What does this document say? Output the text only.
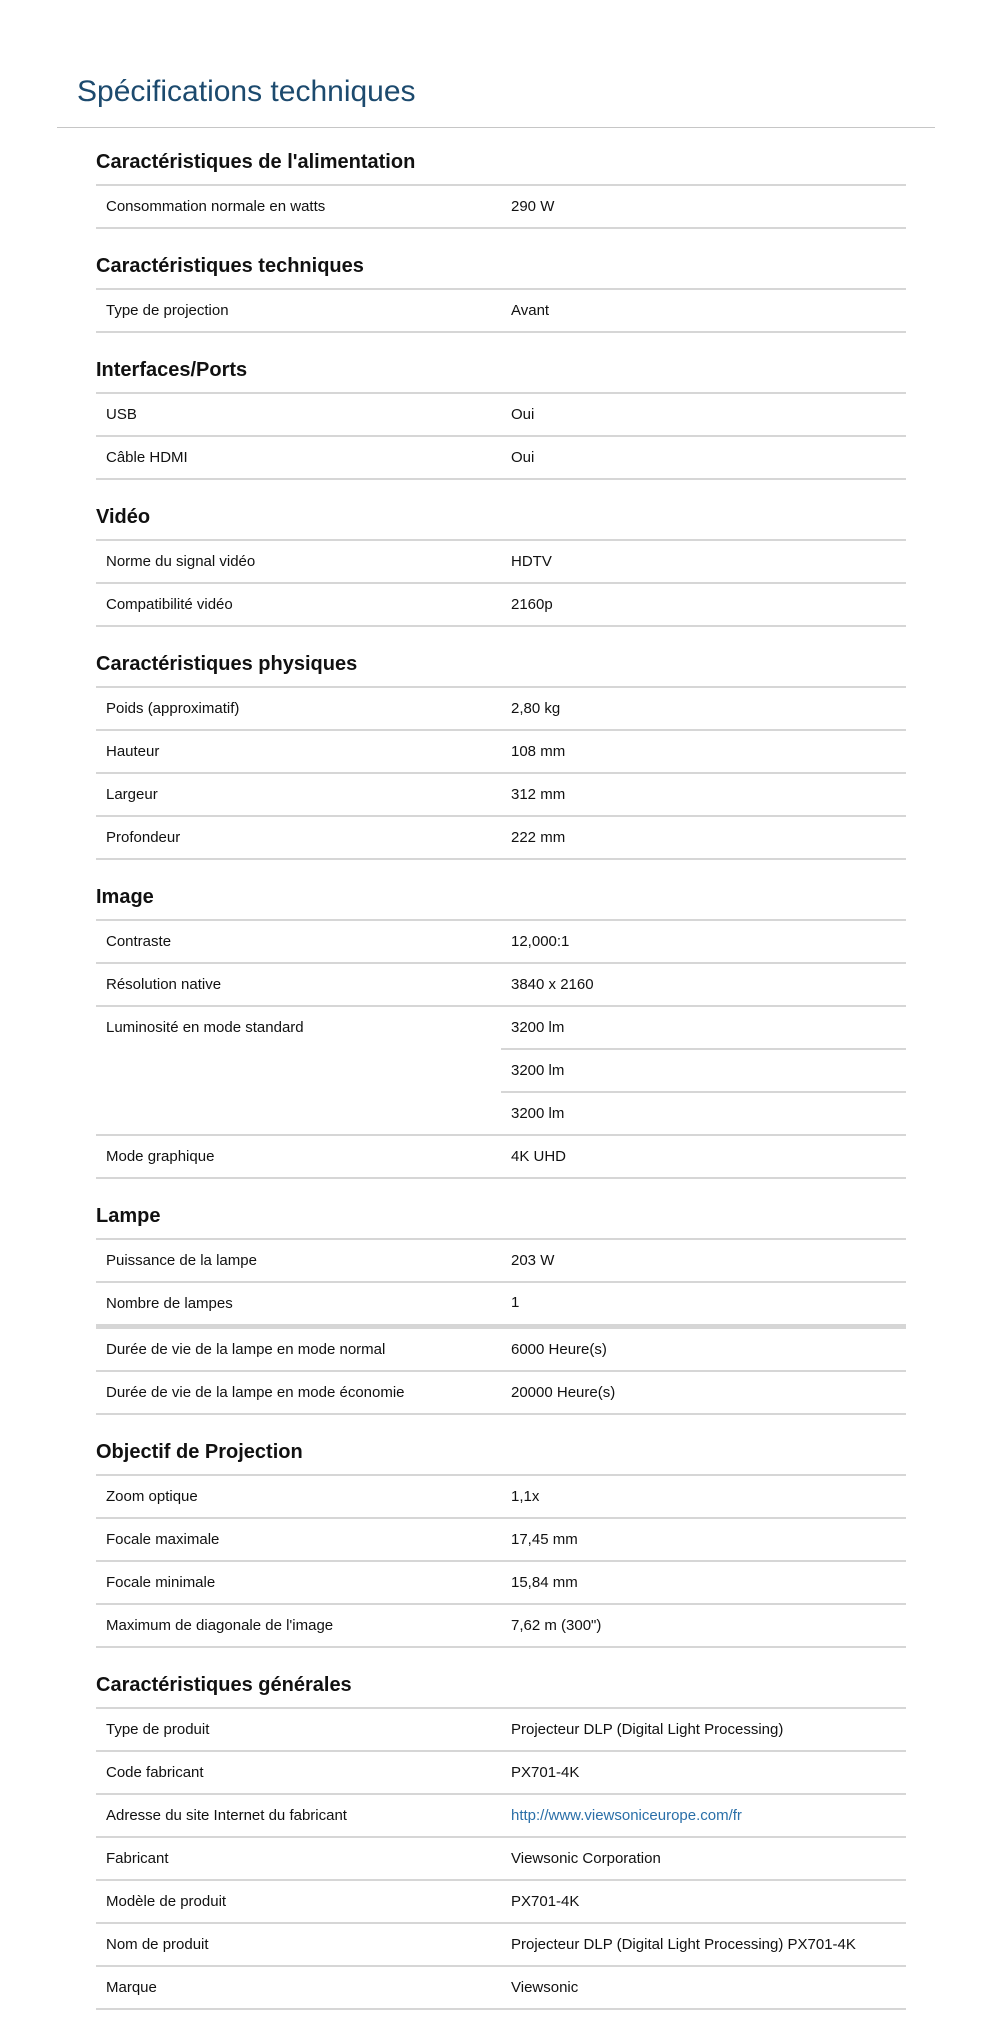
Spécifications techniques
Caractéristiques de l'alimentation
Consommation normale en watts	290 W
Caractéristiques techniques
Type de projection	Avant
Interfaces/Ports
USB	Oui
Câble HDMI	Oui
Vidéo
Norme du signal vidéo	HDTV
Compatibilité vidéo	2160p
Caractéristiques physiques
Poids (approximatif)	2,80 kg
Hauteur	108 mm
Largeur	312 mm
Profondeur	222 mm
Image
Contraste	12,000:1
Résolution native	3840 x 2160
Luminosité en mode standard	3200 lm
3200 lm
3200 lm
Mode graphique	4K UHD
Lampe
Puissance de la lampe	203 W
Nombre de lampes	1
Durée de vie de la lampe en mode normal	6000 Heure(s)
Durée de vie de la lampe en mode économie	20000 Heure(s)
Objectif de Projection
Zoom optique	1,1x
Focale maximale	17,45 mm
Focale minimale	15,84 mm
Maximum de diagonale de l'image	7,62 m (300")
Caractéristiques générales
Type de produit	Projecteur DLP (Digital Light Processing)
Code fabricant	PX701-4K
Adresse du site Internet du fabricant	http://www.viewsoniceurope.com/fr
Fabricant	Viewsonic Corporation
Modèle de produit	PX701-4K
Nom de produit	Projecteur DLP (Digital Light Processing) PX701-4K
Marque	Viewsonic
